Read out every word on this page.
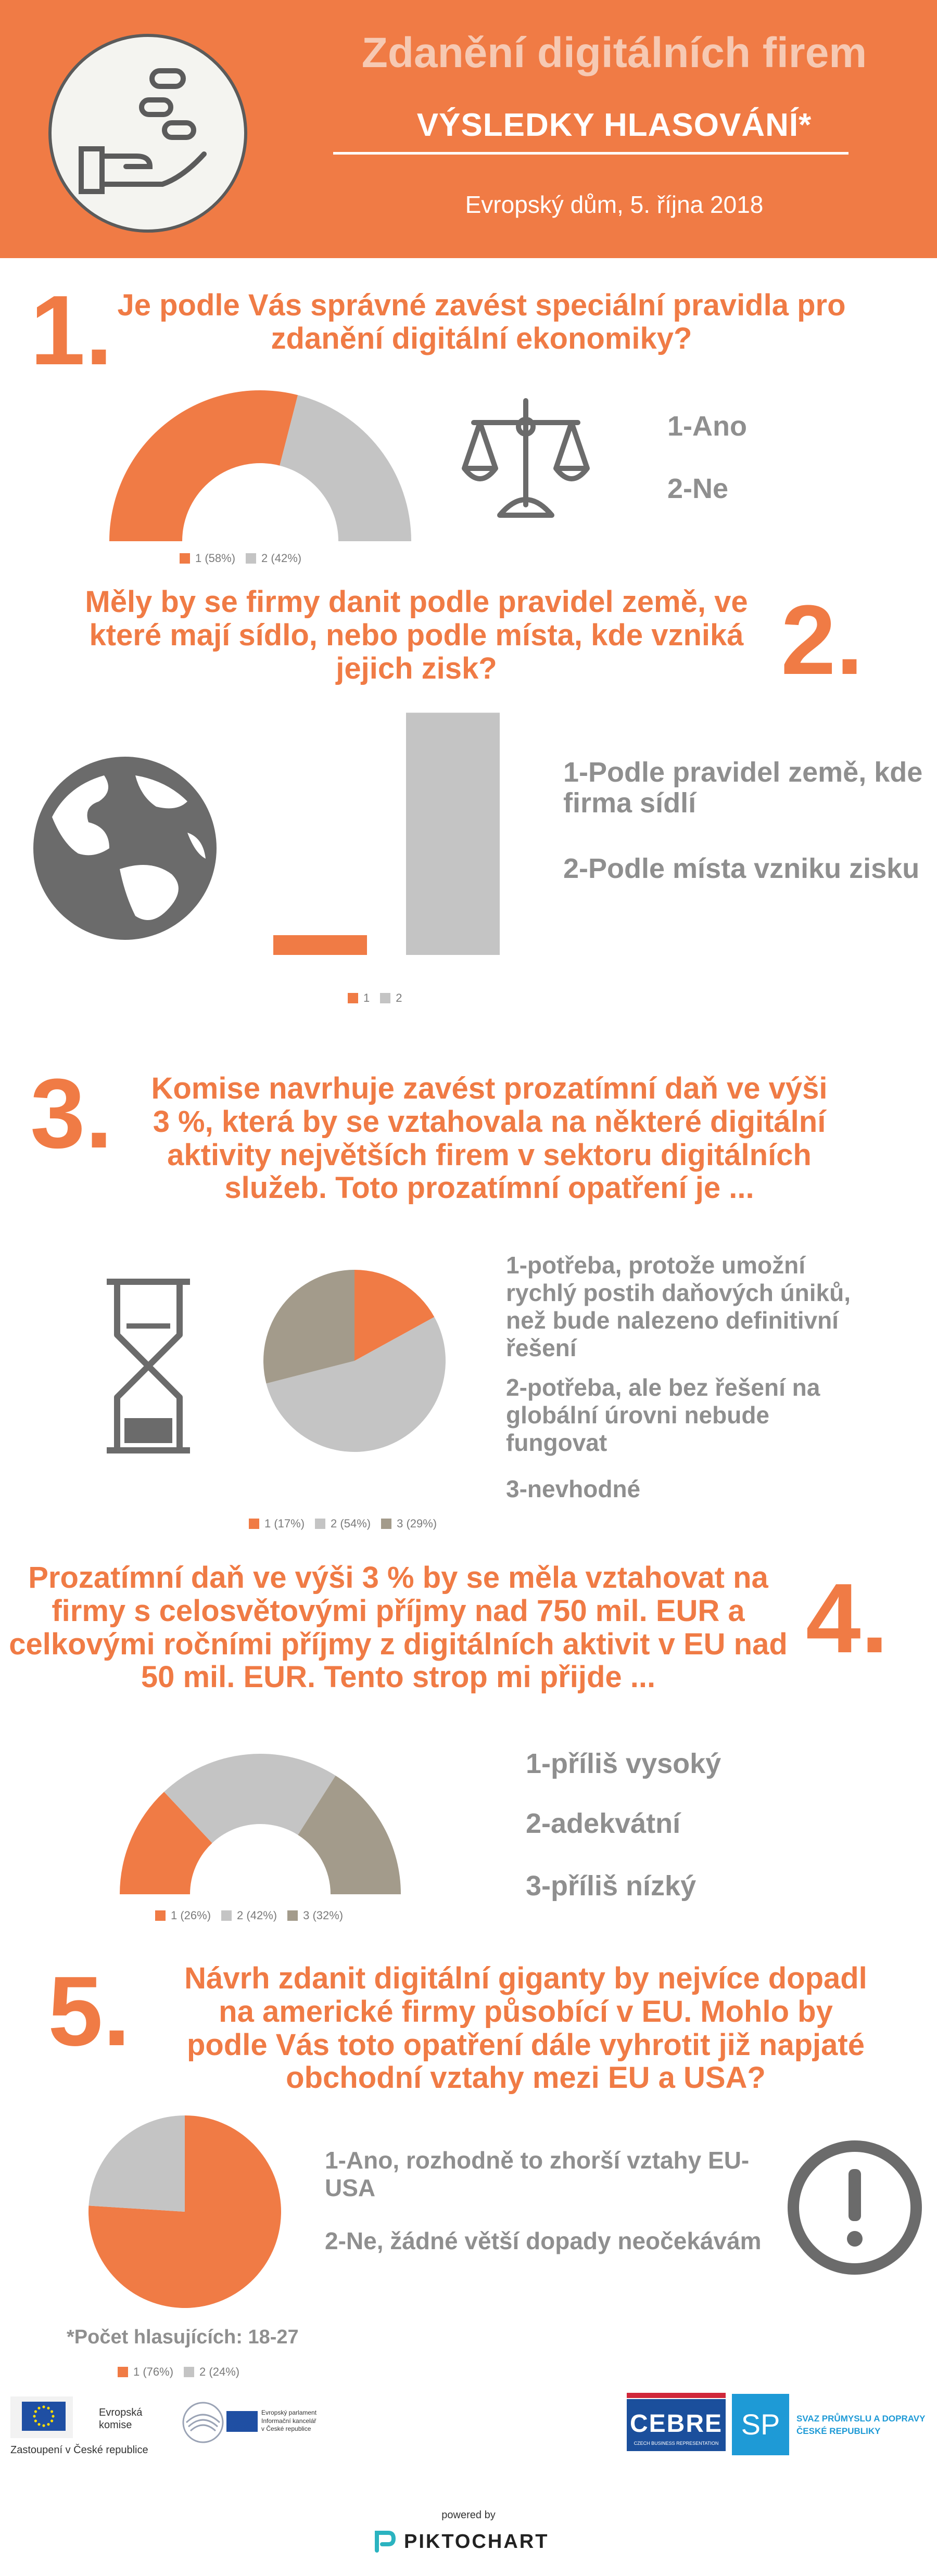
Zdanění digitálních firem
VÝSLEDKY HLASOVÁNÍ*
Evropský dům, 5. října 2018
1. Je podle Vás správné zavést speciální pravidla pro zdanění digitální ekonomiky?
1 (58%) 2 (42%)
1-Ano
2-Ne
Měly by se firmy danit podle pravidel země, ve které mají sídlo, nebo podle místa, kde vzniká jejich zisk?	2.
1 2
1-Podle pravidel země, kde firma sídlí
2-Podle místa vzniku zisku
3.	Komise navrhuje zavést prozatímní daň ve výši 3 %, která by se vztahovala na některé digitální aktivity největších firem v sektoru digitálních služeb. Toto prozatímní opatření je ...
1 (17%) 2 (54%) 3 (29%)
1-potřeba, protože umožní rychlý postih daňových úniků, než bude nalezeno definitivní řešení
2-potřeba, ale bez řešení na globální úrovni nebude fungovat
3-nevhodné
Prozatímní daň ve výši 3 % by se měla vztahovat na firmy s celosvětovými příjmy nad 750 mil. EUR a celkovými ročními příjmy z digitálních aktivit v EU nad 50 mil. EUR. Tento strop mi přijde ...
4.
1 (26%) 2 (42%) 3 (32%)
1-příliš vysoký
2-adekvátní
3-příliš nízký
5. Návrh zdanit digitální giganty by nejvíce dopadl na americké firmy působící v EU. Mohlo by podle Vás toto opatření dále vyhrotit již napjaté obchodní vztahy mezi EU a USA?
1-Ano, rozhodně to zhorší vztahy EU-USA
2-Ne, žádné větší dopady neočekávám
*Počet hlasujících: 18-27
1 (76%) 2 (24%)
Evropská
komise
Zastoupení v České republice
Evropský parlament
Informační kancelář
v České republice	CEBRE
CZECH BUSINESS REPRESENTATION
SP	SVAZ PRŮMYSLU A DOPRAVY
ČESKÉ REPUBLIKY
powered by
PIKTOCHART
